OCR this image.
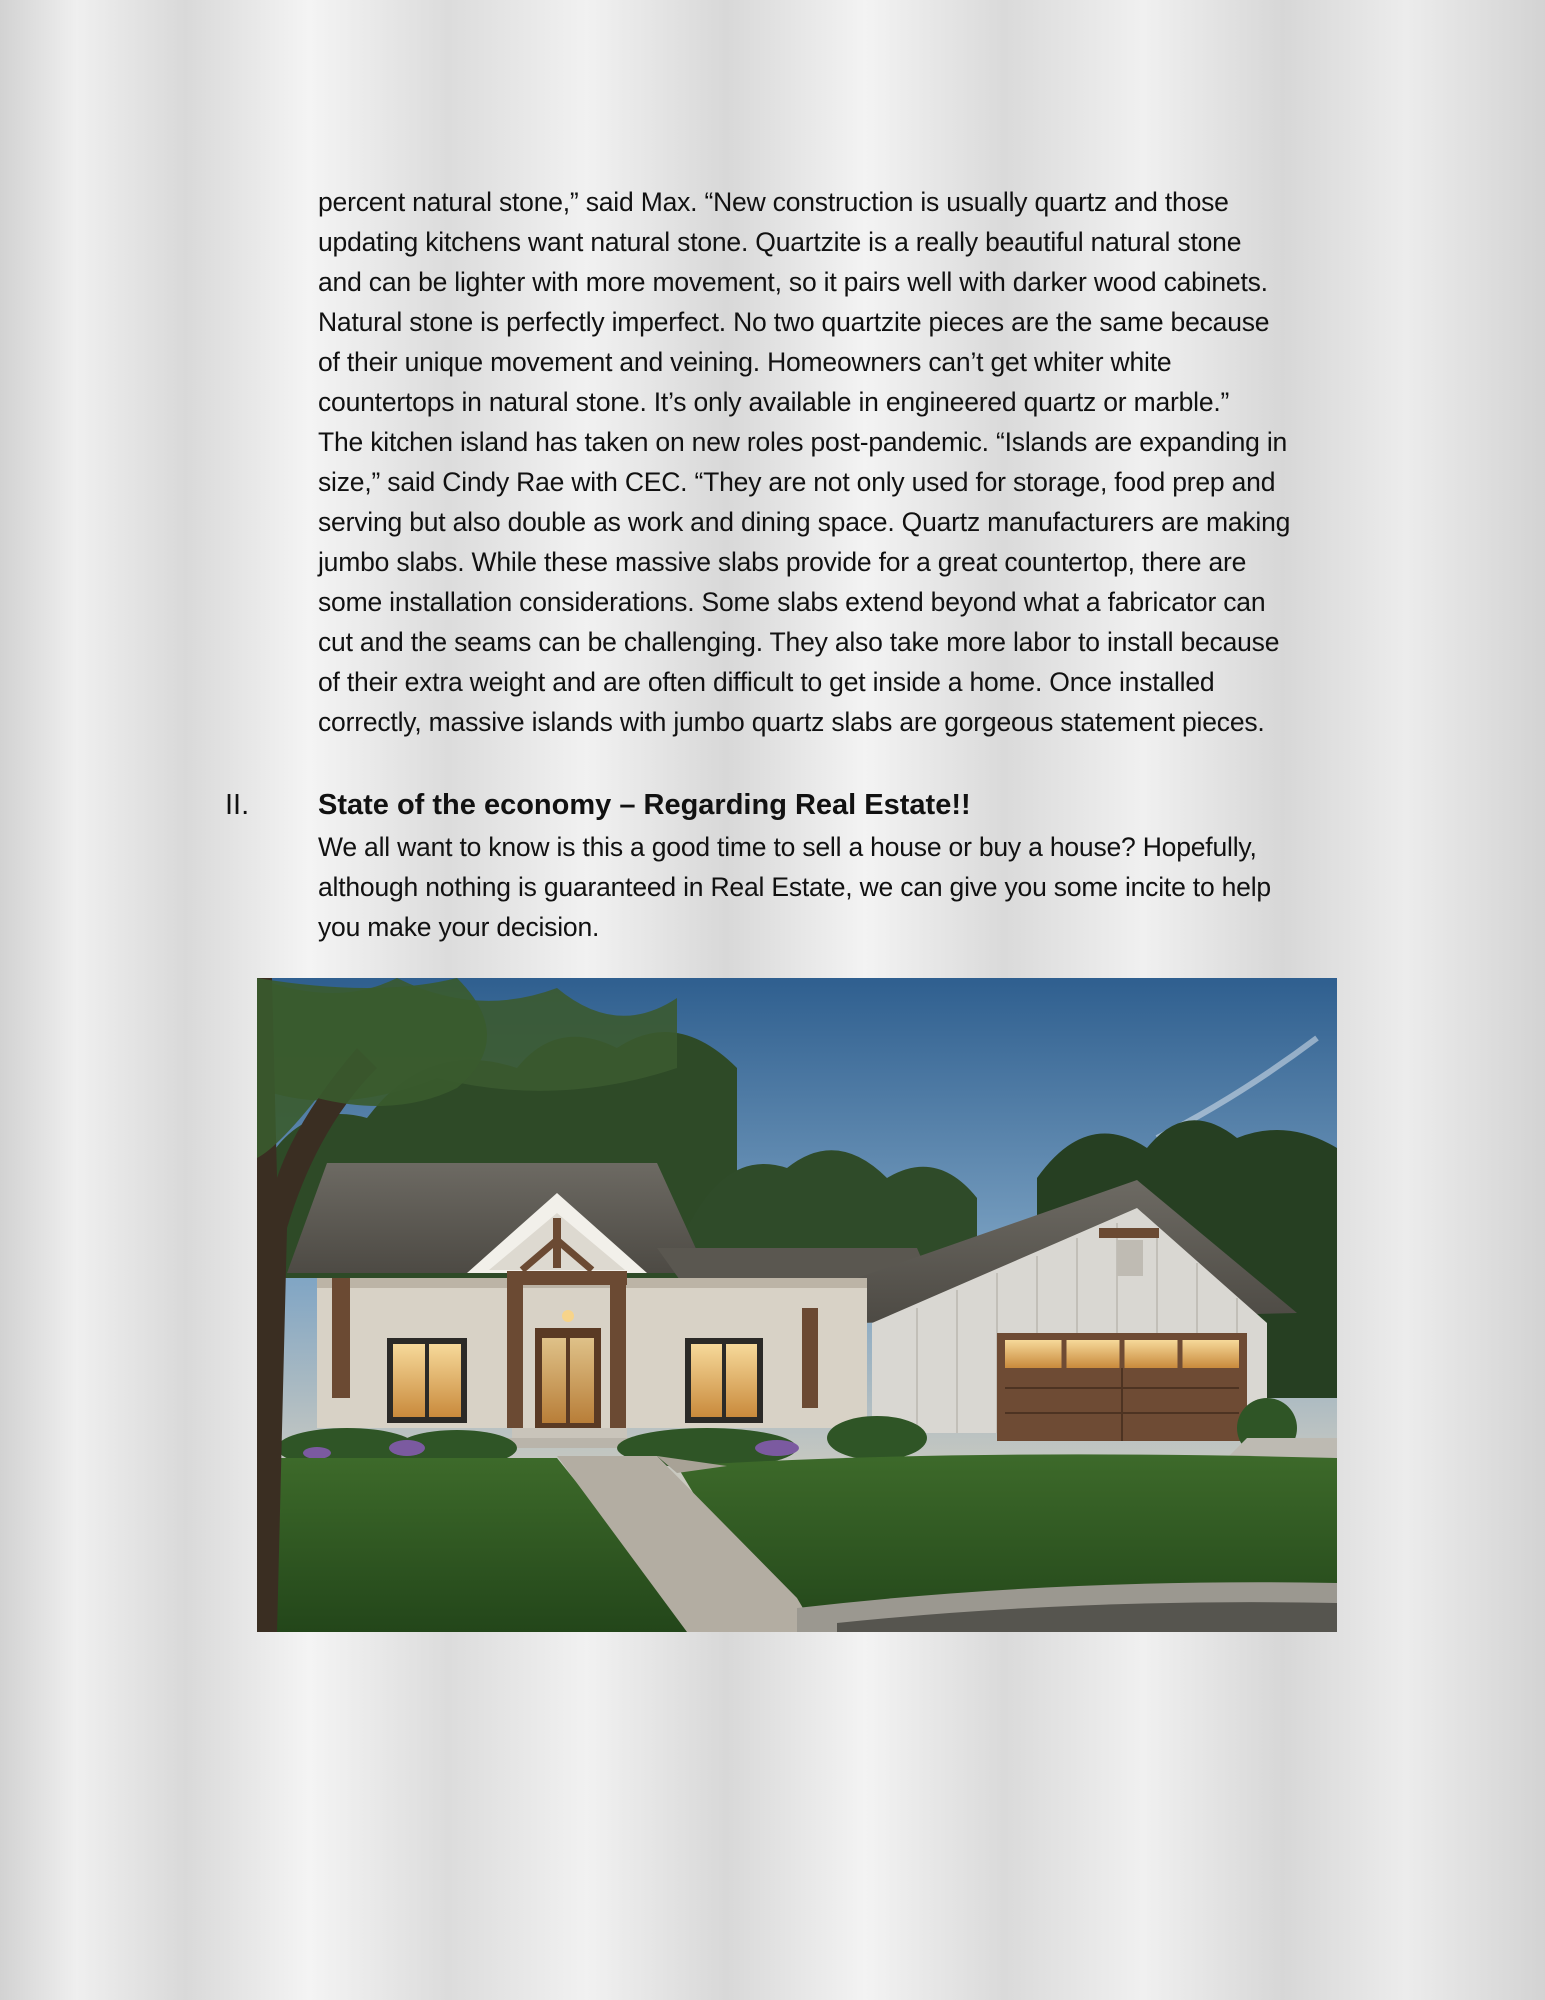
percent natural stone,” said Max. “New construction is usually quartz and those
updating kitchens want natural stone. Quartzite is a really beautiful natural stone
and can be lighter with more movement, so it pairs well with darker wood cabinets.
Natural stone is perfectly imperfect. No two quartzite pieces are the same because
of their unique movement and veining. Homeowners can’t get whiter white
countertops in natural stone. It’s only available in engineered quartz or marble.”
The kitchen island has taken on new roles post-pandemic. “Islands are expanding in
size,” said Cindy Rae with CEC. “They are not only used for storage, food prep and
serving but also double as work and dining space. Quartz manufacturers are making
jumbo slabs. While these massive slabs provide for a great countertop, there are
some installation considerations. Some slabs extend beyond what a fabricator can
cut and the seams can be challenging. They also take more labor to install because
of their extra weight and are often difficult to get inside a home. Once installed
correctly, massive islands with jumbo quartz slabs are gorgeous statement pieces.
II. State of the economy – Regarding Real Estate!!
We all want to know is this a good time to sell a house or buy a house? Hopefully,
although nothing is guaranteed in Real Estate, we can give you some incite to help
you make your decision.
